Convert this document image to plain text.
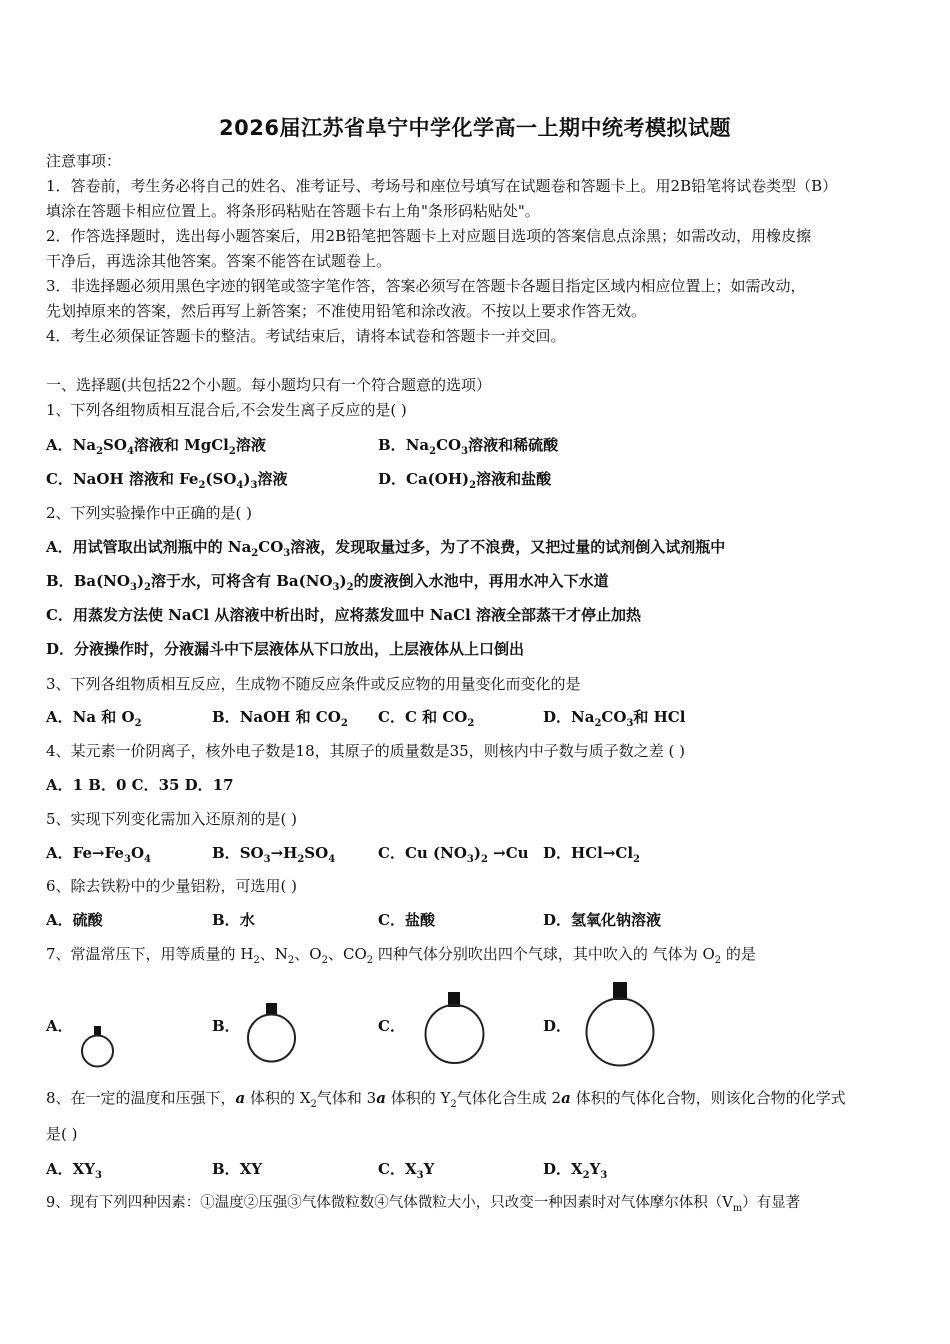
2026届江苏省阜宁中学化学高一上期中统考模拟试题
注意事项：
1．答卷前，考生务必将自己的姓名、准考证号、考场号和座位号填写在试题卷和答题卡上。用2B铅笔将试卷类型（B）
填涂在答题卡相应位置上。将条形码粘贴在答题卡右上角"条形码粘贴处"。
2．作答选择题时，选出每小题答案后，用2B铅笔把答题卡上对应题目选项的答案信息点涂黑；如需改动，用橡皮擦
干净后，再选涂其他答案。答案不能答在试题卷上。
3．非选择题必须用黑色字迹的钢笔或签字笔作答，答案必须写在答题卡各题目指定区域内相应位置上；如需改动，
先划掉原来的答案，然后再写上新答案；不准使用铅笔和涂改液。不按以上要求作答无效。
4．考生必须保证答题卡的整洁。考试结束后，请将本试卷和答题卡一并交回。
一、选择题(共包括22个小题。每小题均只有一个符合题意的选项）
1、下列各组物质相互混合后,不会发生离子反应的是( )
A．$Na_2SO_4$溶液和 MgCl$_2$溶液	B．$Na_2CO_3$溶液和稀硫酸
C．NaOH 溶液和 $Fe_2(SO_4)_3$溶液	D．$Ca(OH)_2$溶液和盐酸
2、下列实验操作中正确的是( )
A．用试管取出试剂瓶中的 $Na_2CO_3$溶液，发现取量过多，为了不浪费，又把过量的试剂倒入试剂瓶中
B．$Ba(NO_3)_2$溶于水，可将含有 $Ba(NO_3)_2$的废液倒入水池中，再用水冲入下水道
C．用蒸发方法使 NaCl 从溶液中析出时，应将蒸发皿中 NaCl 溶液全部蒸干才停止加热
D．分液操作时，分液漏斗中下层液体从下口放出，上层液体从上口倒出
3、下列各组物质相互反应，生成物不随反应条件或反应物的用量变化而变化的是
A．Na 和 $O_2$	B．NaOH 和 $CO_2$ C．C 和 $CO_2$	D．$Na_2CO_3$和 HCl
4、某元素一价阴离子，核外电子数是18，其原子的质量数是35，则核内中子数与质子数之差 ( )
A．1 B．0 C．35 D．17
5、实现下列变化需加入还原剂的是( )
A．$Fe\to Fe_3O_4$	B．$SO_3\to H_2SO_4$	C．Cu $(NO_3)_2 \to Cu$ D．$HCl\to Cl_2$
6、除去铁粉中的少量铝粉，可选用( )
A．硫酸	B．水	C．盐酸	D．氢氧化钠溶液
7、常温常压下，用等质量的 $H_2$、$N_2$、$O_2$、$CO_2$ 四种气体分别吹出四个气球，其中吹入的 气体为 $O_2$ 的是
A．	B．	C．	D．
8、在一定的温度和压强下，a 体积的 $X_2$气体和 3a 体积的 $Y_2$气体化合生成 2a 体积的气体化合物，则该化合物的化学式
是( )
A．$XY_3$	B．XY	C．$X_3Y$	D．$X_2Y_3$
9、现有下列四种因素：①温度②压强③气体微粒数④气体微粒大小，只改变一种因素时对气体摩尔体积$(V_m)$有显著
